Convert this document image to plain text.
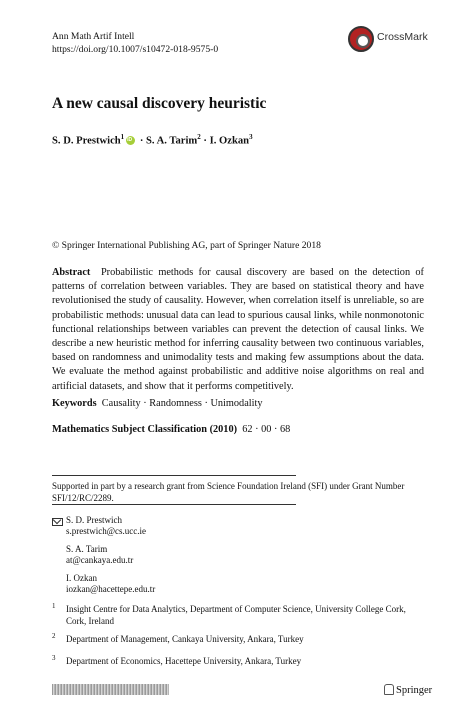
Ann Math Artif Intell
https://doi.org/10.1007/s10472-018-9575-0
CrossMark
A new causal discovery heuristic
S. D. Prestwich$^1$iD · S. A. Tarim$^2$ · I. Ozkan$^3$
© Springer International Publishing AG, part of Springer Nature 2018
Abstract Probabilistic methods for causal discovery are based on the detection of patterns of correlation between variables. They are based on statistical theory and have revolutionised the study of causality. However, when correlation itself is unreliable, so are probabilistic methods: unusual data can lead to spurious causal links, while nonmonotonic functional relationships between variables can prevent the detection of causal links. We describe a new heuristic method for inferring causality between two continuous variables, based on randomness and unimodality tests and making few assumptions about the data. We evaluate the method against probabilistic and additive noise algorithms on real and artificial datasets, and show that it performs competitively.
Keywords Causality · Randomness · Unimodality
Mathematics Subject Classification (2010) 62 · 00 · 68
Supported in part by a research grant from Science Foundation Ireland (SFI) under Grant Number SFI/12/RC/2289.
S. D. Prestwich
s.prestwich@cs.ucc.ie
S. A. Tarim
at@cankaya.edu.tr
I. Ozkan
iozkan@hacettepe.edu.tr
1 Insight Centre for Data Analytics, Department of Computer Science, University College Cork, Cork, Ireland
2 Department of Management, Cankaya University, Ankara, Turkey
3 Department of Economics, Hacettepe University, Ankara, Turkey
Springer
